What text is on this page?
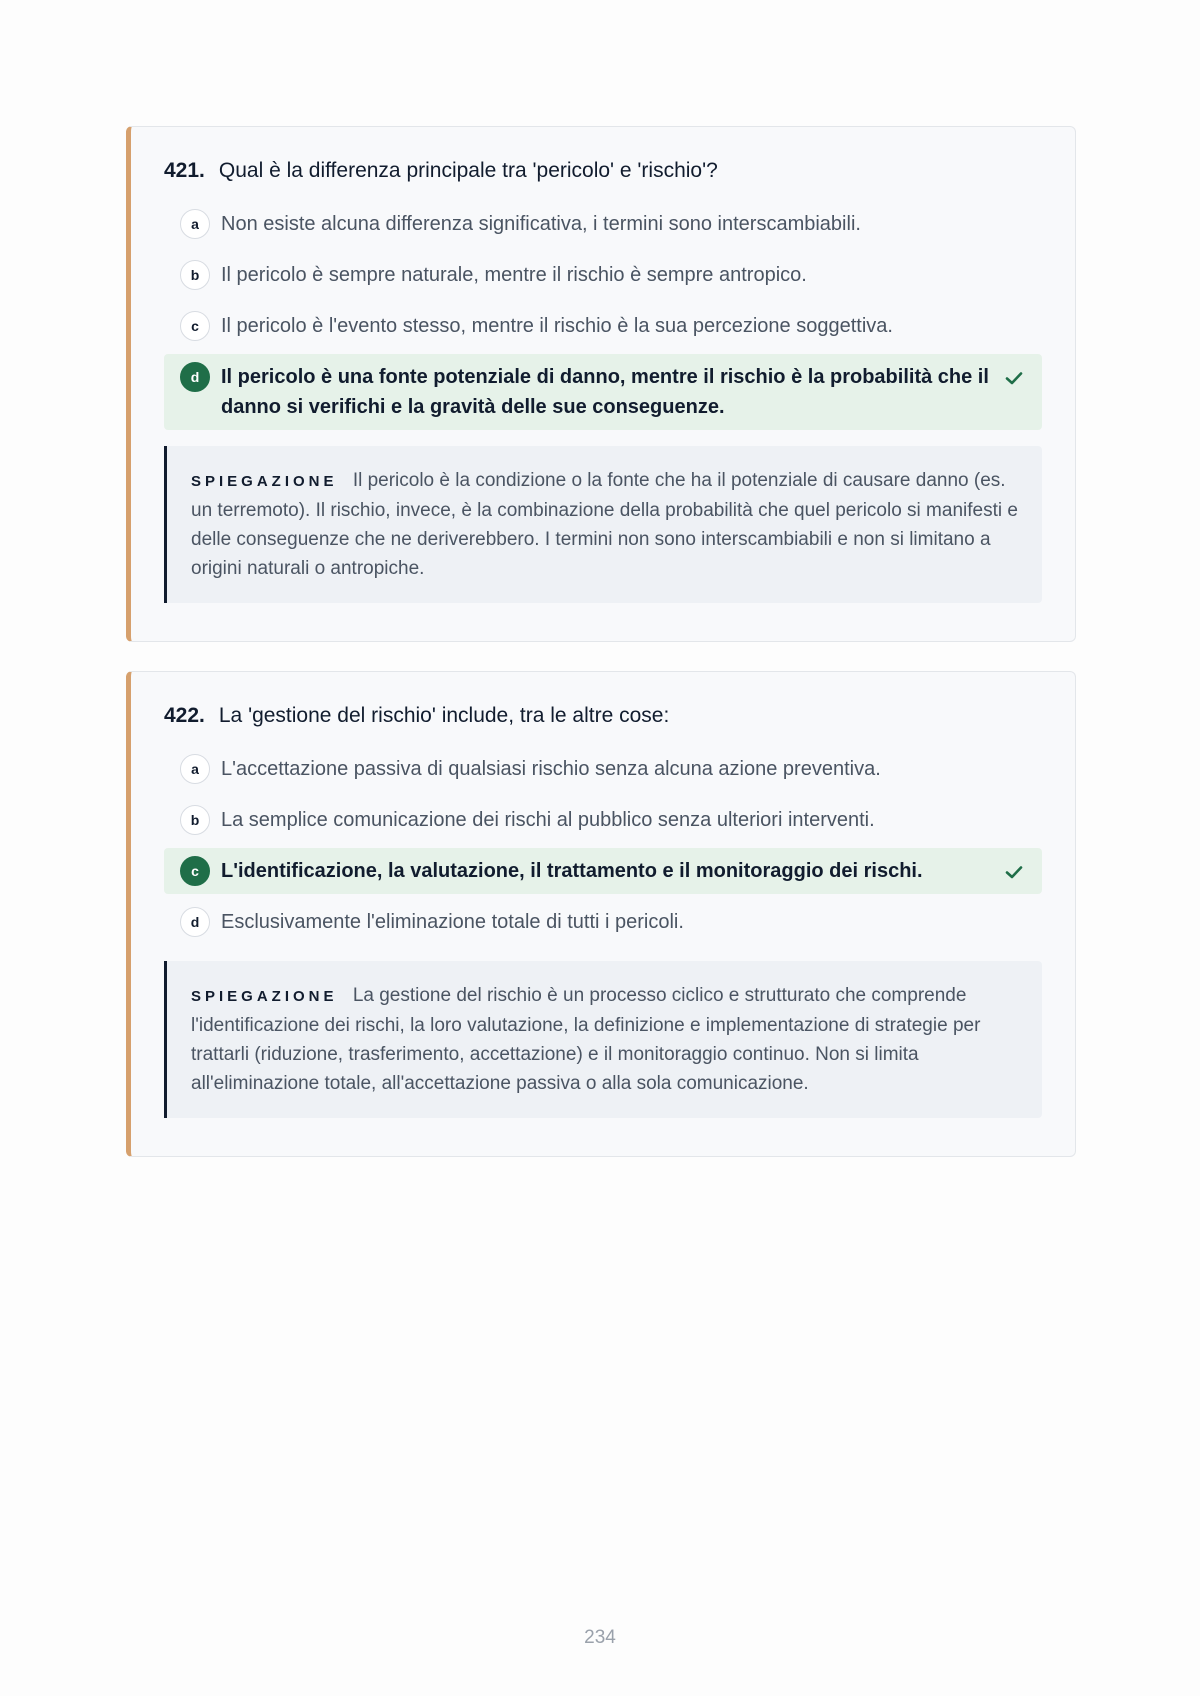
421. Qual è la differenza principale tra 'pericolo' e 'rischio'?
a	Non esiste alcuna differenza significativa, i termini sono interscambiabili.
b	Il pericolo è sempre naturale, mentre il rischio è sempre antropico.
c	Il pericolo è l'evento stesso, mentre il rischio è la sua percezione soggettiva.
d	Il pericolo è una fonte potenziale di danno, mentre il rischio è la probabilità che il danno si verifichi e la gravità delle sue conseguenze.
SPIEGAZIONE Il pericolo è la condizione o la fonte che ha il potenziale di causare danno (es. un terremoto). Il rischio, invece, è la combinazione della probabilità che quel pericolo si manifesti e delle conseguenze che ne deriverebbero. I termini non sono interscambiabili e non si limitano a origini naturali o antropiche.
422. La 'gestione del rischio' include, tra le altre cose:
a	L'accettazione passiva di qualsiasi rischio senza alcuna azione preventiva.
b	La semplice comunicazione dei rischi al pubblico senza ulteriori interventi.
c	L'identificazione, la valutazione, il trattamento e il monitoraggio dei rischi.
d	Esclusivamente l'eliminazione totale di tutti i pericoli.
SPIEGAZIONE La gestione del rischio è un processo ciclico e strutturato che comprende l'identificazione dei rischi, la loro valutazione, la definizione e implementazione di strategie per trattarli (riduzione, trasferimento, accettazione) e il monitoraggio continuo. Non si limita all'eliminazione totale, all'accettazione passiva o alla sola comunicazione.
234
